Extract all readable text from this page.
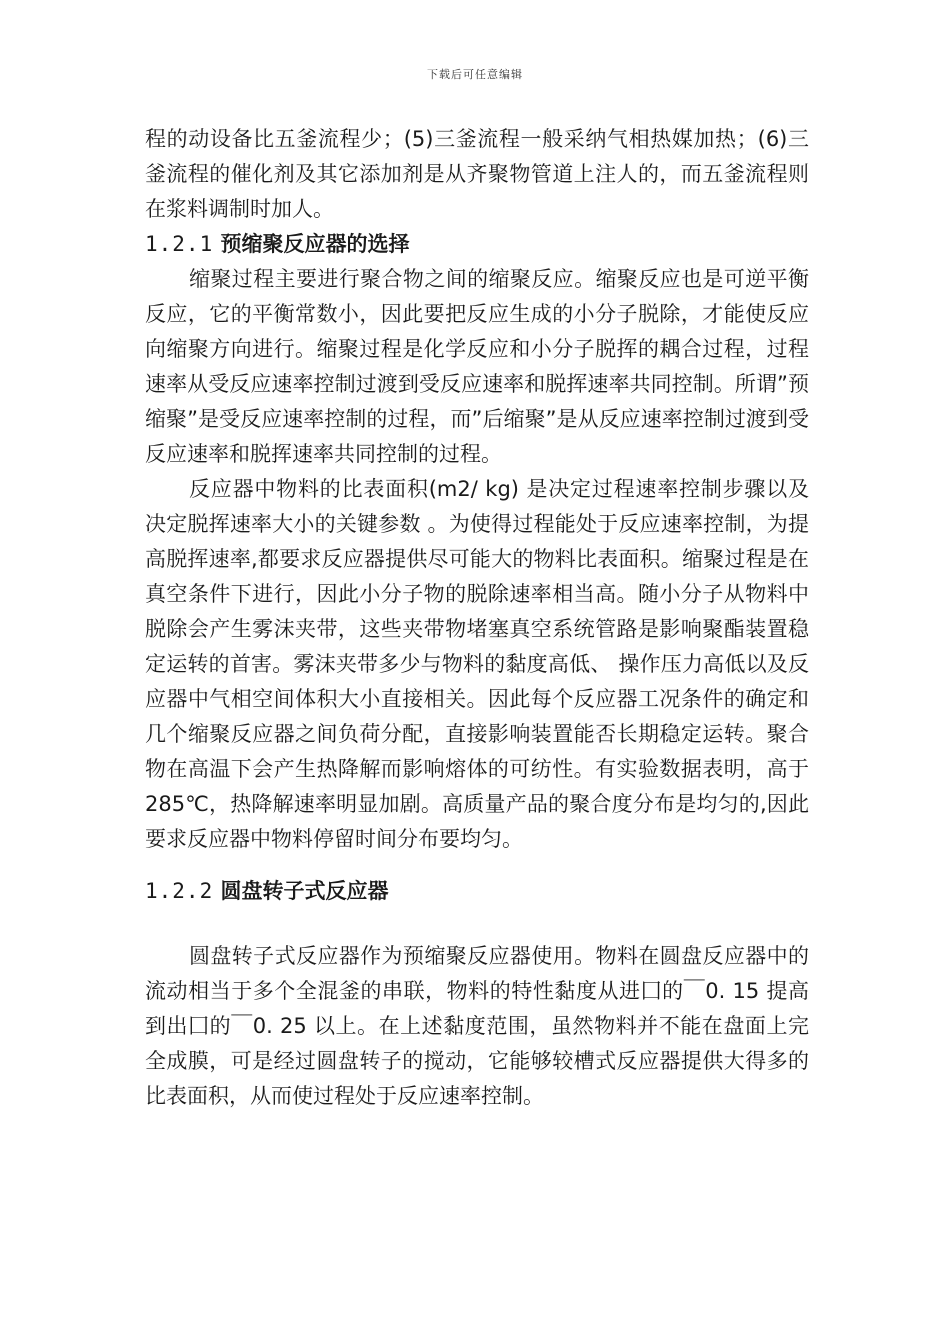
下载后可任意编辑

程的动设备比五釜流程少；(5)三釜流程一般采纳气相热媒加热；(6)三釜流程的催化剂及其它添加剂是从齐聚物管道上注人的，而五釜流程则在浆料调制时加人。

1.2.1 预缩聚反应器的选择

缩聚过程主要进行聚合物之间的缩聚反应。缩聚反应也是可逆平衡反应，它的平衡常数小，因此要把反应生成的小分子脱除，才能使反应向缩聚方向进行。缩聚过程是化学反应和小分子脱挥的耦合过程，过程速率从受反应速率控制过渡到受反应速率和脱挥速率共同控制。所谓”预缩聚”是受反应速率控制的过程，而”后缩聚”是从反应速率控制过渡到受反应速率和脱挥速率共同控制的过程。

反应器中物料的比表面积(m2/ kg) 是决定过程速率控制步骤以及决定脱挥速率大小的关键参数 。为使得过程能处于反应速率控制，为提高脱挥速率,都要求反应器提供尽可能大的物料比表面积。缩聚过程是在真空条件下进行，因此小分子物的脱除速率相当高。随小分子从物料中脱除会产生雾沫夹带，这些夹带物堵塞真空系统管路是影响聚酯装置稳定运转的首害。雾沫夹带多少与物料的黏度高低、 操作压力高低以及反应器中气相空间体积大小直接相关。因此每个反应器工况条件的确定和几个缩聚反应器之间负荷分配，直接影响装置能否长期稳定运转。聚合物在高温下会产生热降解而影响熔体的可纺性。有实验数据表明，高于285℃，热降解速率明显加剧。高质量产品的聚合度分布是均匀的,因此要求反应器中物料停留时间分布要均匀。

1.2.2 圆盘转子式反应器

圆盘转子式反应器作为预缩聚反应器使用。物料在圆盘反应器中的流动相当于多个全混釜的串联，物料的特性黏度从进囗的￣0. 15 提高到出囗的￣0. 25 以上。在上述黏度范围，虽然物料并不能在盘面上完全成膜，可是经过圆盘转子的搅动，它能够较槽式反应器提供大得多的比表面积，从而使过程处于反应速率控制。
